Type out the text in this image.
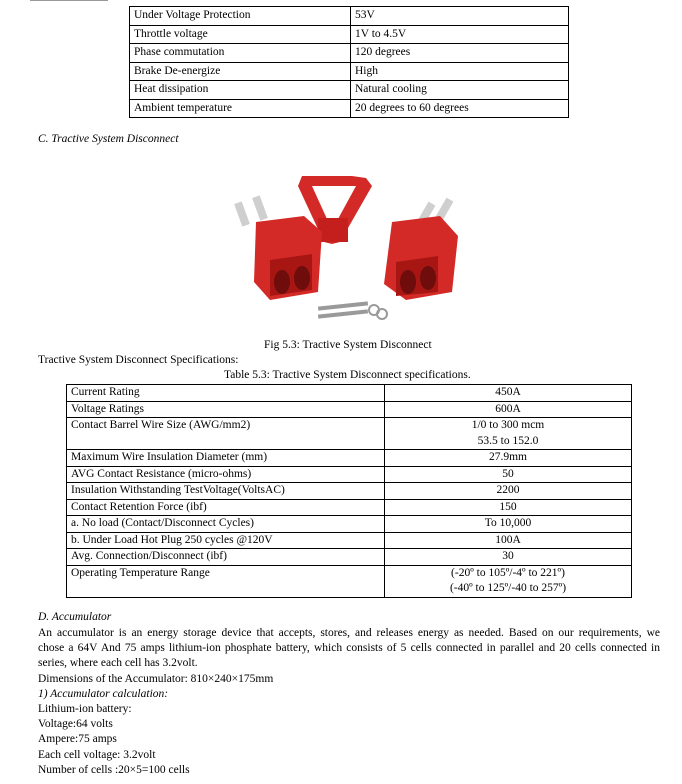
Under Voltage Protection	53V
Throttle voltage	1V to 4.5V
Phase commutation	120 degrees
Brake De-energize	High
Heat dissipation	Natural cooling
Ambient temperature	20 degrees to 60 degrees
C. Tractive System Disconnect
Fig 5.3: Tractive System Disconnect
Tractive System Disconnect Specifications:
Table 5.3: Tractive System Disconnect specifications.
Current Rating	450A

Voltage Ratings	600A

Contact Barrel Wire Size (AWG/mm2)	1/0 to 300 mcm
53.5 to 152.0

Maximum Wire Insulation Diameter (mm)	27.9mm

AVG Contact Resistance (micro-ohms)	50

Insulation Withstanding TestVoltage(VoltsAC)	2200

Contact Retention Force (ibf)	150

a. No load (Contact/Disconnect Cycles)	To 10,000

b. Under Load Hot Plug 250 cycles @120V	100A

Avg. Connection/Disconnect (ibf)	30

Operating Temperature Range	(-20º to 105º/-4º to 221º)
(-40º to 125º/-40 to 257º)
D. Accumulator
An accumulator is an energy storage device that accepts, stores, and releases energy as needed. Based on our requirements, we
chose a 64V And 75 amps lithium-ion phosphate battery, which consists of 5 cells connected in parallel and 20 cells connected in
series, where each cell has 3.2volt.
Dimensions of the Accumulator: 810×240×175mm
1) Accumulator calculation:
Lithium-ion battery:
Voltage:64 volts
Ampere:75 amps
Each cell voltage: 3.2volt
Number of cells :20×5=100 cells
